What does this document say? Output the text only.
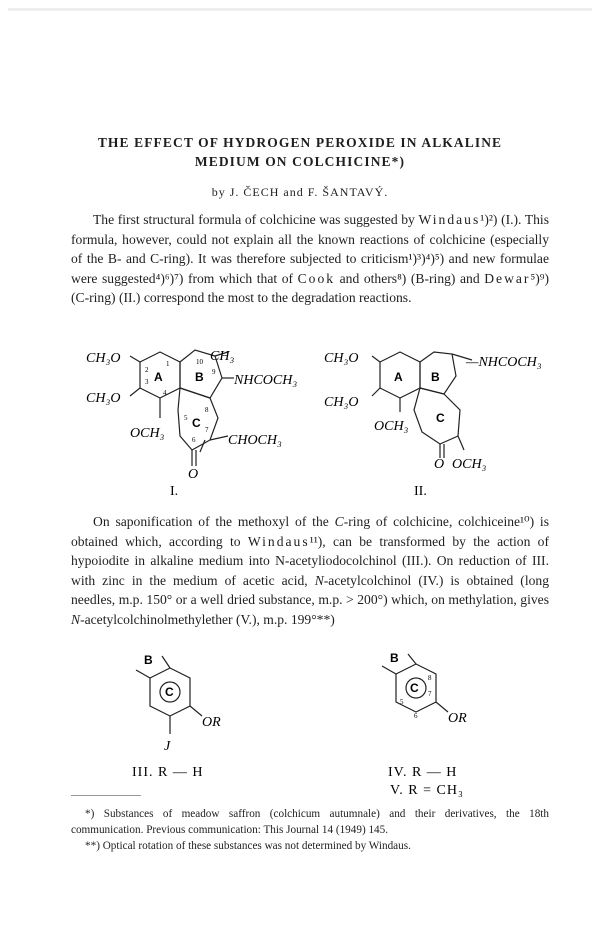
THE EFFECT OF HYDROGEN PEROXIDE IN ALKALINE
MEDIUM ON COLCHICINE*)
by J. ČECH and F. ŠANTAVÝ.

The first structural formula of colchicine was suggested by Windaus¹)²) (I.). This formula, however, could not explain all the known reactions of colchicine (especially of the B- and C-ring). It was therefore subjected to criticism¹)³)⁴)⁵) and new formulae were suggested⁴)⁶)⁷) from which that of Cook and others⁸) (B-ring) and Dewar⁵)⁹) (C-ring) (II.) correspond the most to the degradation reactions.

CH₃O
CH₃O
CH₃
NHCOCH₃
OCH₃	CHOCH₃
O
A	B
C
1
2
3
4
5
6
7
8
9
10
I.
CH₃O
CH₃O
—NHCOCH₃
OCH₃
O OCH₃
A B
C
II.

On saponification of the methoxyl of the C-ring of colchicine, colchiceine¹⁰) is obtained which, according to Windaus¹¹), can be transformed by the action of hypoiodite in alkaline medium into N-acetyliodocolchinol (III.). On reduction of III. with zinc in the medium of acetic acid, N-acetylcolchinol (IV.) is obtained (long needles, m.p. 150° or a well dried substance, m.p. > 200°) which, on methylation, gives N-acetylcolchinolmethylether (V.), m.p. 199°**)

B
C
OR
J
III. R — H
B
C
5
6
7
8
OR
IV. R — H
V. R = CH₃

*) Substances of meadow saffron (colchicum autumnale) and their derivatives, the 18th communication. Previous communication: This Journal 14 (1949) 145.

**) Optical rotation of these substances was not determined by Windaus.
